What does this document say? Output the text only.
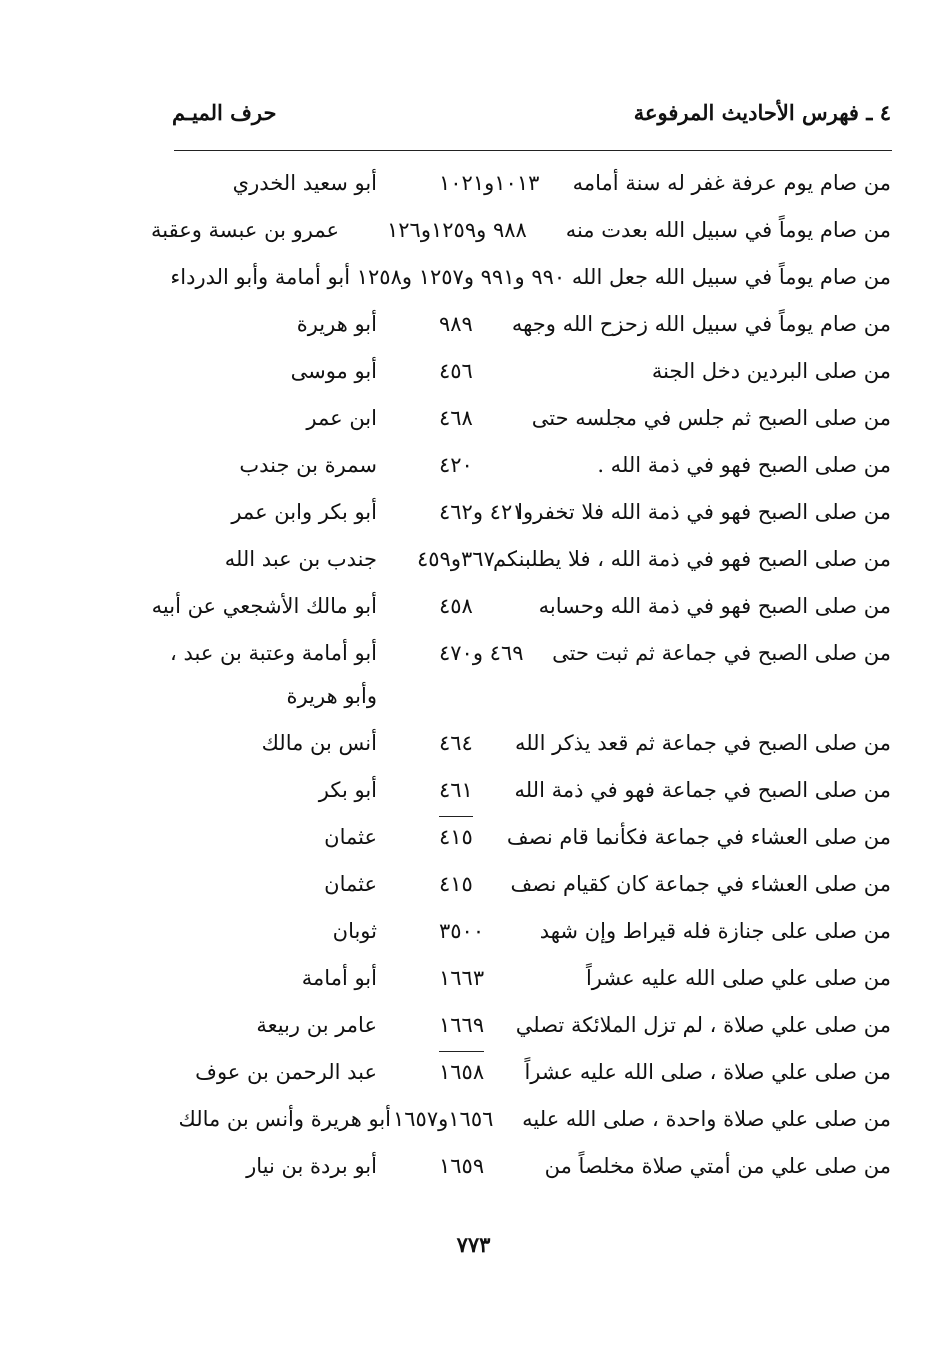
٤ ـ فهرس الأحاديث المرفوعة
حرف الميـم
من صام يوم عرفة غفر له سنة أمامه
١٠١٣و١٠٢١
أبو سعيد الخدري
من صام يوماً في سبيل الله بعدت منه
٩٨٨ و١٢٥٩و١٢٦
عمرو بن عبسة وعقبة
من صام يوماً في سبيل الله جعل الله ٩٩٠ و٩٩١ و١٢٥٧ و١٢٥٨ أبو أمامة وأبو الدرداء
من صام يوماً في سبيل الله زحزح الله وجهه
٩٨٩
أبو هريرة
من صلى البردين دخل الجنة
٤٥٦
أبو موسى
من صلى الصبح ثم جلس في مجلسه حتى
٤٦٨
ابن عمر
من صلى الصبح فهو في ذمة الله .
٤٢٠
سمرة بن جندب
من صلى الصبح فهو في ذمة الله فلا تخفروا
٤٢١ و٤٦٢
أبو بكر وابن عمر
من صلى الصبح فهو في ذمة الله ، فلا يطلبنكم
٣٦٧و٤٥٩
جندب بن عبد الله
من صلى الصبح فهو في ذمة الله وحسابه
٤٥٨
أبو مالك الأشجعي عن أبيه
من صلى الصبح في جماعة ثم ثبت حتى
٤٦٩ و٤٧٠
أبو أمامة وعتبة بن عبد ،
وأبو هريرة
من صلى الصبح في جماعة ثم قعد يذكر الله
٤٦٤
أنس بن مالك
من صلى الصبح في جماعة فهو في ذمة الله
٤٦١
أبو بكر
من صلى العشاء في جماعة فكأنما قام نصف
٤١٥
عثمان
من صلى العشاء في جماعة كان كقيام نصف
٤١٥
عثمان
من صلى على جنازة فله قيراط وإن شهد
٣٥٠٠
ثوبان
من صلى علي صلى الله عليه عشراً
١٦٦٣
أبو أمامة
من صلى علي صلاة ، لم تزل الملائكة تصلي
١٦٦٩
عامر بن ربيعة
من صلى علي صلاة ، صلى الله عليه عشراً
١٦٥٨
عبد الرحمن بن عوف
من صلى علي صلاة واحدة ، صلى الله عليه
١٦٥٦و١٦٥٧
أبو هريرة وأنس بن مالك
من صلى علي من أمتي صلاة مخلصاً من
١٦٥٩
أبو بردة بن نيار
٧٧٣
